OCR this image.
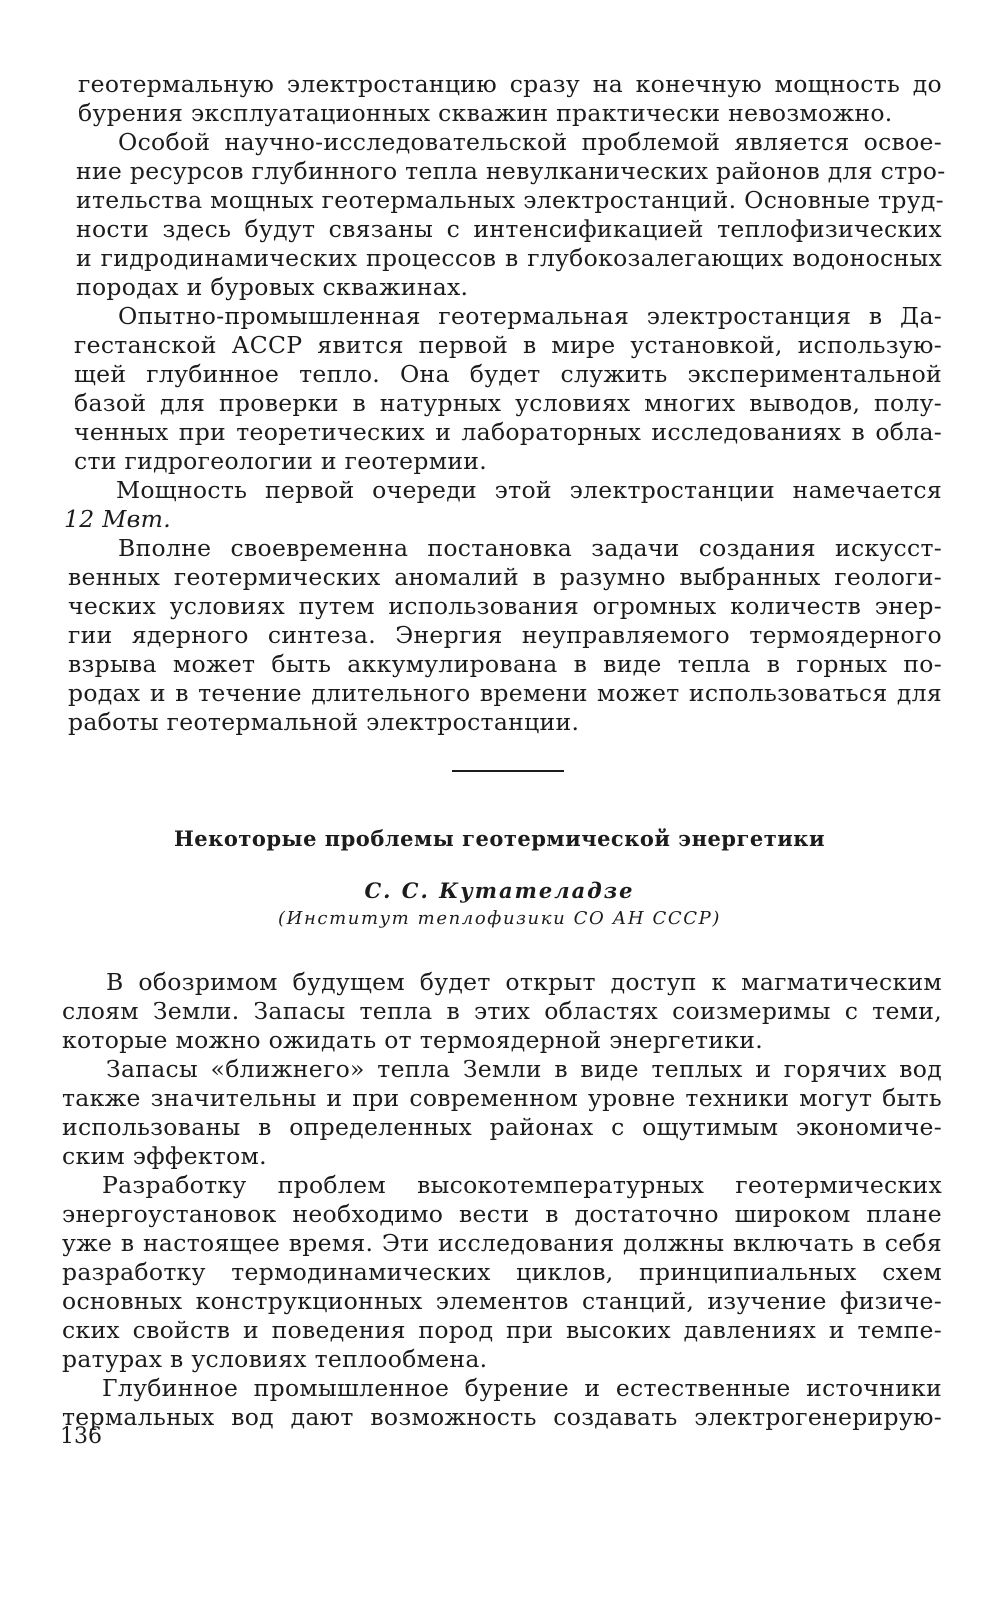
геотермальную электростанцию сразу на конечную мощность до
бурения эксплуатационных скважин практически невозможно.
Особой научно-исследовательской проблемой является освое-
ние ресурсов глубинного тепла невулканических районов для стро-
ительства мощных геотермальных электростанций. Основные труд-
ности здесь будут связаны с интенсификацией теплофизических
и гидродинамических процессов в глубокозалегающих водоносных
породах и буровых скважинах.
Опытно-промышленная геотермальная электростанция в Да-
гестанской АССР явится первой в мире установкой, использую-
щей глубинное тепло. Она будет служить экспериментальной
базой для проверки в натурных условиях многих выводов, полу-
ченных при теоретических и лабораторных исследованиях в обла-
сти гидрогеологии и геотермии.
Мощность первой очереди этой электростанции намечается
12 Мвт.
Вполне своевременна постановка задачи создания искусст-
венных геотермических аномалий в разумно выбранных геологи-
ческих условиях путем использования огромных количеств энер-
гии ядерного синтеза. Энергия неуправляемого термоядерного
взрыва может быть аккумулирована в виде тепла в горных по-
родах и в течение длительного времени может использоваться для
работы геотермальной электростанции.
Некоторые проблемы геотермической энергетики
С. С. Кутателадзе
(Институт теплофизики СО АН СССР)
В обозримом будущем будет открыт доступ к магматическим
слоям Земли. Запасы тепла в этих областях соизмеримы с теми,
которые можно ожидать от термоядерной энергетики.
Запасы «ближнего» тепла Земли в виде теплых и горячих вод
также значительны и при современном уровне техники могут быть
использованы в определенных районах с ощутимым экономиче-
ским эффектом.
Разработку проблем высокотемпературных геотермических
энергоустановок необходимо вести в достаточно широком плане
уже в настоящее время. Эти исследования должны включать в себя
разработку термодинамических циклов, принципиальных схем
основных конструкционных элементов станций, изучение физиче-
ских свойств и поведения пород при высоких давлениях и темпе-
ратурах в условиях теплообмена.
Глубинное промышленное бурение и естественные источники
термальных вод дают возможность создавать электрогенерирую-
136
